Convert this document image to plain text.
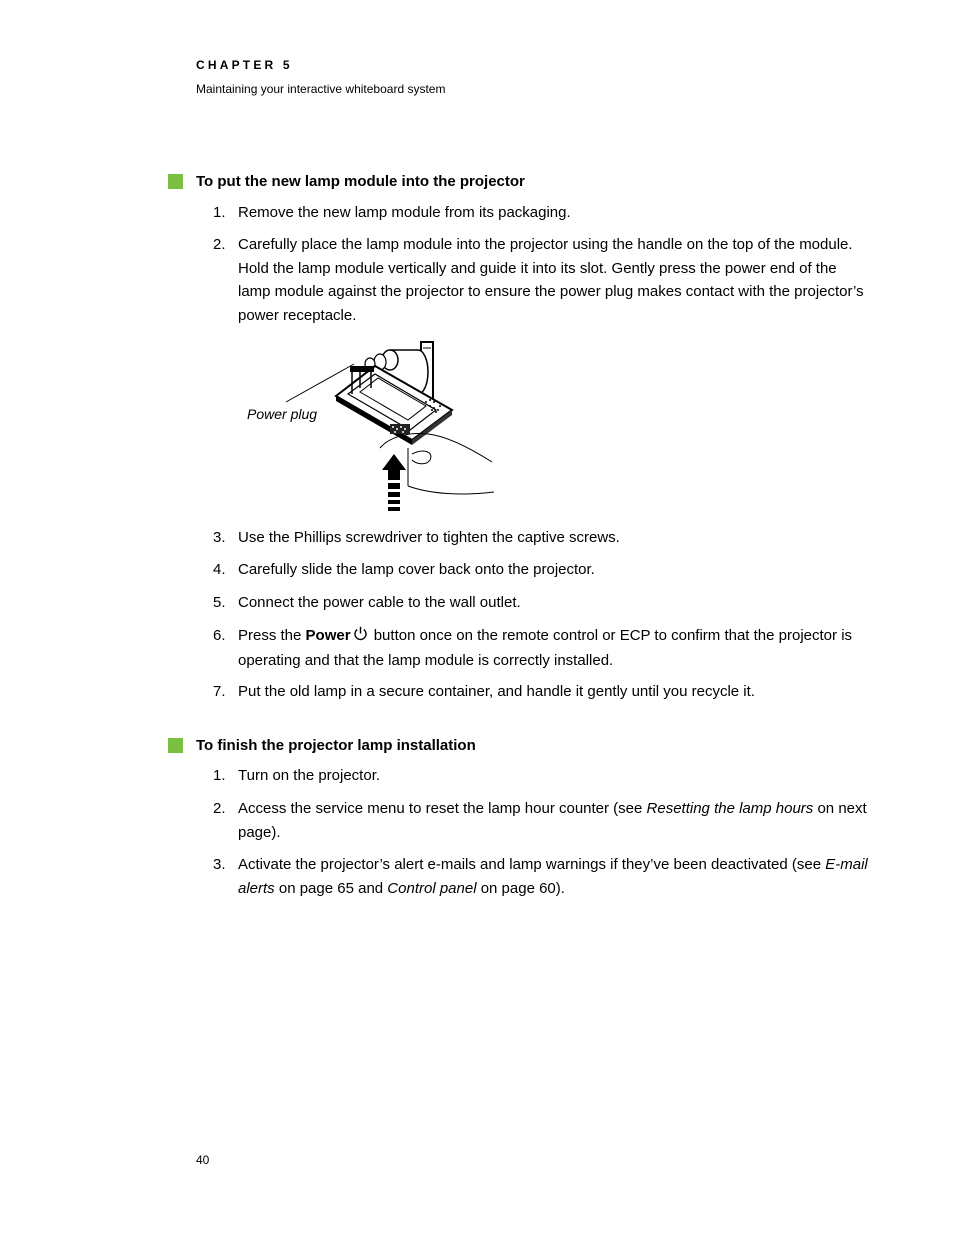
CHAPTER 5
Maintaining your interactive whiteboard system
To put the new lamp module into the projector
1. Remove the new lamp module from its packaging.
2. Carefully place the lamp module into the projector using the handle on the top of the module. Hold the lamp module vertically and guide it into its slot. Gently press the power end of the lamp module against the projector to ensure the power plug makes contact with the projector’s power receptacle.
Power plug
3. Use the Phillips screwdriver to tighten the captive screws.
4. Carefully slide the lamp cover back onto the projector.
5. Connect the power cable to the wall outlet.
6. Press the Power button once on the remote control or ECP to confirm that the projector is operating and that the lamp module is correctly installed.
7. Put the old lamp in a secure container, and handle it gently until you recycle it.
To finish the projector lamp installation
1. Turn on the projector.
2. Access the service menu to reset the lamp hour counter (see Resetting the lamp hours on next page).
3. Activate the projector’s alert e-mails and lamp warnings if they’ve been deactivated (see E-mail alerts on page 65 and Control panel on page 60).
40
